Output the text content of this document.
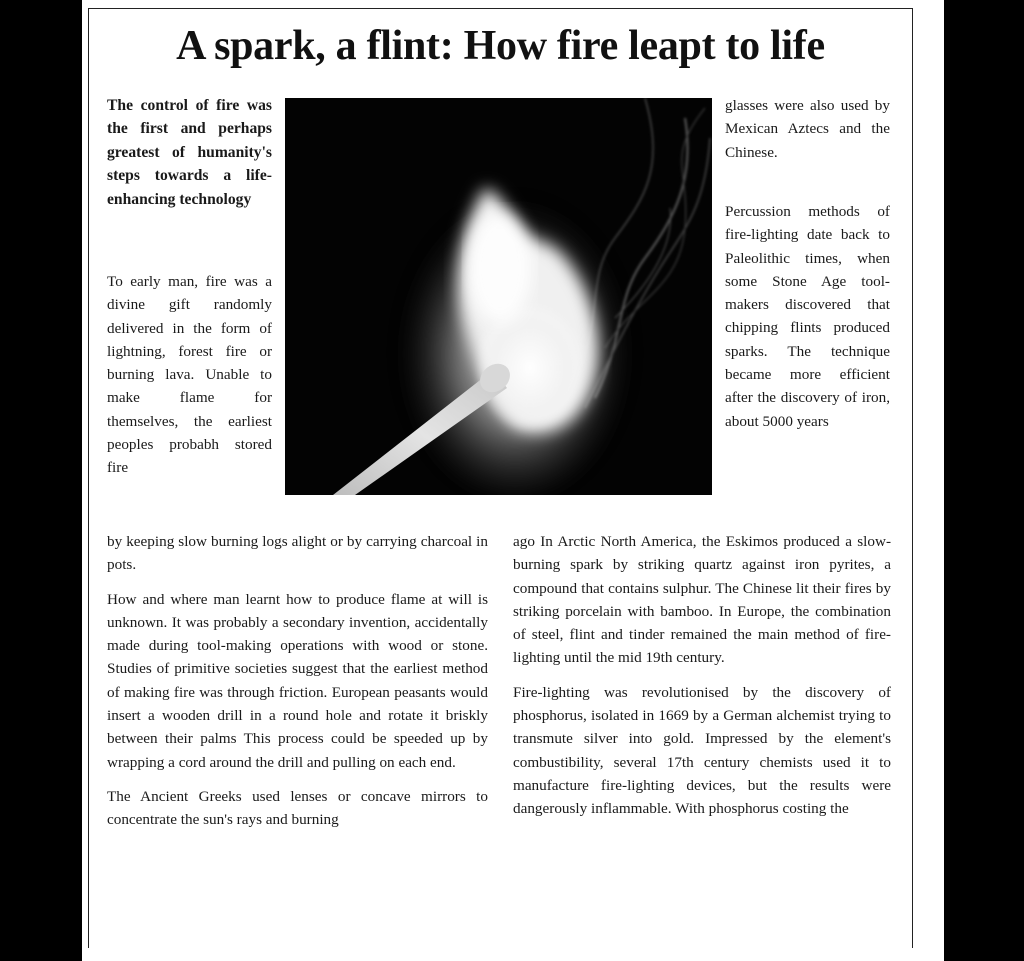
A spark, a flint: How fire leapt to life
The control of fire was the first and perhaps greatest of humanity's steps towards a life-enhancing technology
To early man, fire was a divine gift randomly delivered in the form of lightning, forest fire or burning lava. Unable to make flame for themselves, the earliest peoples probabh stored fire
glasses were also used by Mexican Aztecs and the Chinese.
Percussion methods of fire-lighting date back to Paleolithic times, when some Stone Age tool-makers discovered that chipping flints produced sparks. The technique became more efficient after the discovery of iron, about 5000 years

by keeping slow burning logs alight or by carrying charcoal in pots.

How and where man learnt how to produce flame at will is unknown. It was probably a secondary invention, accidentally made during tool-making operations with wood or stone. Studies of primitive societies suggest that the earliest method of making fire was through friction. European peasants would insert a wooden drill in a round hole and rotate it briskly between their palms This process could be speeded up by wrapping a cord around the drill and pulling on each end.

The Ancient Greeks used lenses or concave mirrors to concentrate the sun's rays and burning

ago In Arctic North America, the Eskimos produced a slow-burning spark by striking quartz against iron pyrites, a compound that contains sulphur. The Chinese lit their fires by striking porcelain with bamboo. In Europe, the combination of steel, flint and tinder remained the main method of fire-lighting until the mid 19th century.

Fire-lighting was revolutionised by the discovery of phosphorus, isolated in 1669 by a German alchemist trying to transmute silver into gold. Impressed by the element's combustibility, several 17th century chemists used it to manufacture fire-lighting devices, but the results were dangerously inflammable. With phosphorus costing the
